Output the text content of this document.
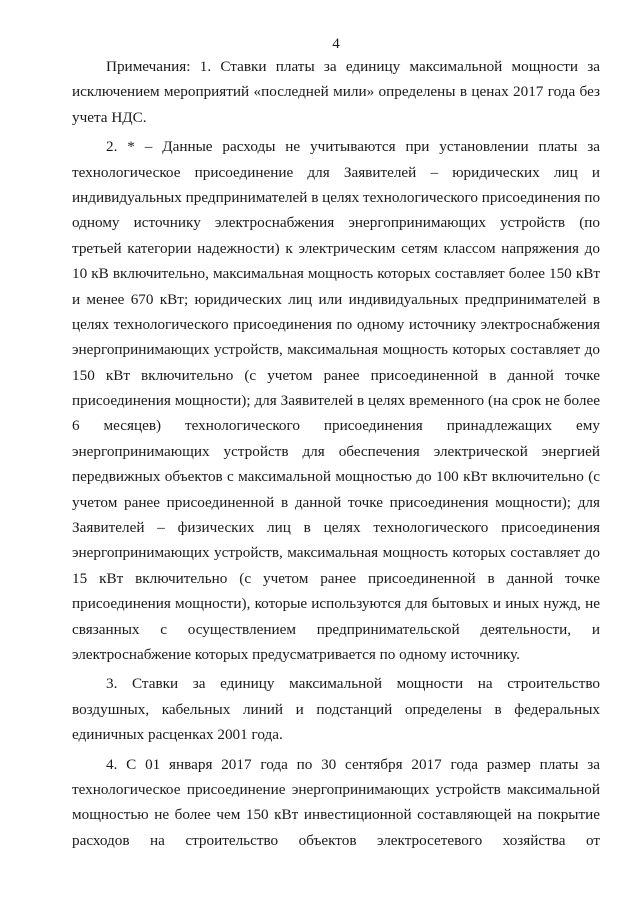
4
Примечания: 1. Ставки платы за единицу максимальной мощности за
исключением мероприятий «последней мили» определены в ценах 2017 года без
учета НДС.
2. * – Данные расходы не учитываются при установлении платы за
технологическое присоединение для Заявителей – юридических лиц и
индивидуальных предпринимателей в целях технологического присоединения по
одному источнику электроснабжения энергопринимающих устройств (по
третьей категории надежности) к электрическим сетям классом напряжения до
10 кВ включительно, максимальная мощность которых составляет более 150 кВт
и менее 670 кВт; юридических лиц или индивидуальных предпринимателей в
целях технологического присоединения по одному источнику электроснабжения
энергопринимающих устройств, максимальная мощность которых составляет до
150 кВт включительно (с учетом ранее присоединенной в данной точке
присоединения мощности); для Заявителей в целях временного (на срок не более
6 месяцев) технологического присоединения принадлежащих ему
энергопринимающих устройств для обеспечения электрической энергией
передвижных объектов с максимальной мощностью до 100 кВт включительно (с
учетом ранее присоединенной в данной точке присоединения мощности); для
Заявителей – физических лиц в целях технологического присоединения
энергопринимающих устройств, максимальная мощность которых составляет до
15 кВт включительно (с учетом ранее присоединенной в данной точке
присоединения мощности), которые используются для бытовых и иных нужд, не
связанных с осуществлением предпринимательской деятельности, и
электроснабжение которых предусматривается по одному источнику.
3. Ставки за единицу максимальной мощности на строительство
воздушных, кабельных линий и подстанций определены в федеральных
единичных расценках 2001 года.
4. С 01 января 2017 года по 30 сентября 2017 года размер платы за
технологическое присоединение энергопринимающих устройств максимальной
мощностью не более чем 150 кВт инвестиционной составляющей на покрытие
расходов на строительство объектов электросетевого хозяйства от
